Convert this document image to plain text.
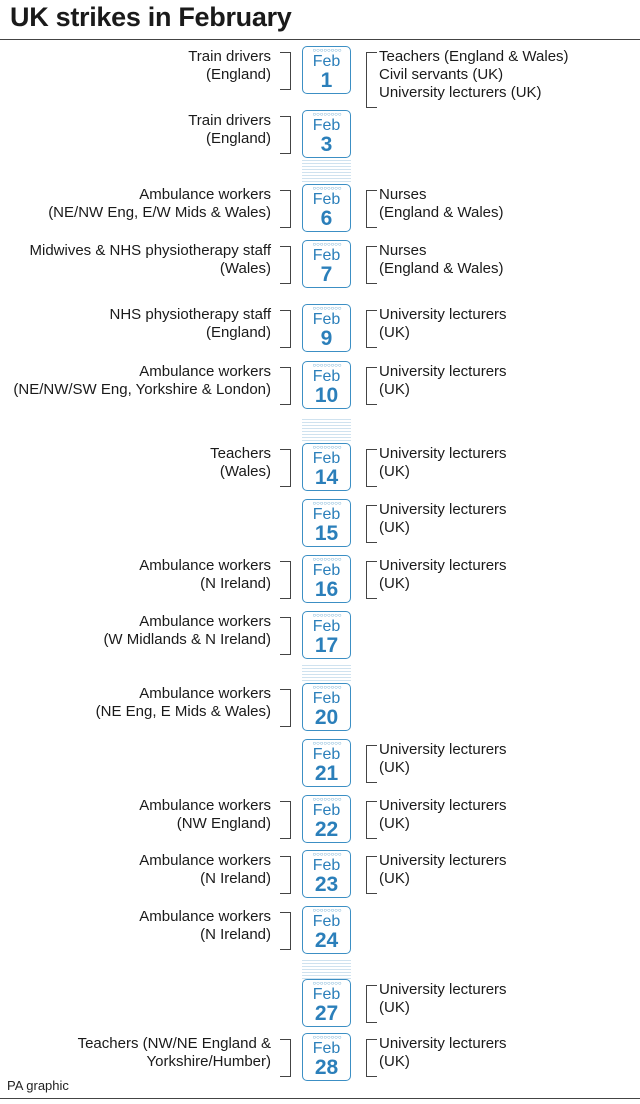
UK strikes in February
Train drivers
(England)
○○○○○○○○
Feb
1
Teachers (England & Wales)
Civil servants (UK)
University lecturers (UK)
Train drivers
(England)
○○○○○○○○
Feb
3
Ambulance workers
(NE/NW Eng, E/W Mids & Wales)
○○○○○○○○
Feb
6
Nurses
(England & Wales)
Midwives & NHS physiotherapy staff
(Wales)
○○○○○○○○
Feb
7
Nurses
(England & Wales)
NHS physiotherapy staff
(England)
○○○○○○○○
Feb
9
University lecturers
(UK)
Ambulance workers
(NE/NW/SW Eng, Yorkshire & London)
○○○○○○○○
Feb
10
University lecturers
(UK)
Teachers
(Wales)
○○○○○○○○
Feb
14
University lecturers
(UK)
○○○○○○○○
Feb
15
University lecturers
(UK)
Ambulance workers
(N Ireland)
○○○○○○○○
Feb
16
University lecturers
(UK)
Ambulance workers
(W Midlands & N Ireland)
○○○○○○○○
Feb
17
Ambulance workers
(NE Eng, E Mids & Wales)
○○○○○○○○
Feb
20
○○○○○○○○
Feb
21
University lecturers
(UK)
Ambulance workers
(NW England)
○○○○○○○○
Feb
22
University lecturers
(UK)
Ambulance workers
(N Ireland)
○○○○○○○○
Feb
23
University lecturers
(UK)
Ambulance workers
(N Ireland)
○○○○○○○○
Feb
24
○○○○○○○○
Feb
27
University lecturers
(UK)
Teachers (NW/NE England &
Yorkshire/Humber)
○○○○○○○○
Feb
28
University lecturers
(UK)
PA graphic
